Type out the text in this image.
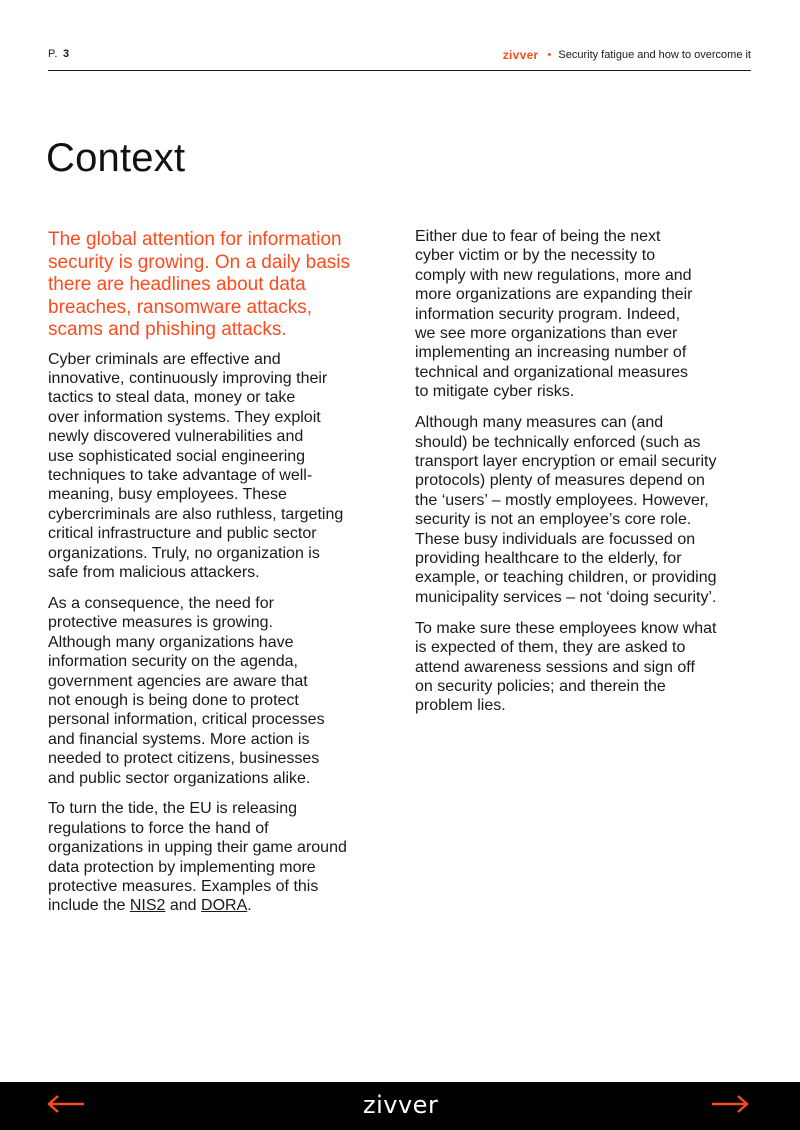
P. 3	zivver • Security fatigue and how to overcome it
Context

The global attention for information
security is growing. On a daily basis
there are headlines about data
breaches, ransomware attacks,
scams and phishing attacks.

Cyber criminals are effective and
innovative, continuously improving their
tactics to steal data, money or take
over information systems. They exploit
newly discovered vulnerabilities and
use sophisticated social engineering
techniques to take advantage of well-
meaning, busy employees. These
cybercriminals are also ruthless, targeting
critical infrastructure and public sector
organizations. Truly, no organization is
safe from malicious attackers.

As a consequence, the need for
protective measures is growing.
Although many organizations have
information security on the agenda,
government agencies are aware that
not enough is being done to protect
personal information, critical processes
and financial systems. More action is
needed to protect citizens, businesses
and public sector organizations alike.

To turn the tide, the EU is releasing
regulations to force the hand of
organizations in upping their game around
data protection by implementing more
protective measures. Examples of this
include the NIS2 and DORA.

Either due to fear of being the next
cyber victim or by the necessity to
comply with new regulations, more and
more organizations are expanding their
information security program. Indeed,
we see more organizations than ever
implementing an increasing number of
technical and organizational measures
to mitigate cyber risks.

Although many measures can (and
should) be technically enforced (such as
transport layer encryption or email security
protocols) plenty of measures depend on
the ‘users’ – mostly employees. However,
security is not an employee’s core role.
These busy individuals are focussed on
providing healthcare to the elderly, for
example, or teaching children, or providing
municipality services – not ‘doing security’.

To make sure these employees know what
is expected of them, they are asked to
attend awareness sessions and sign off
on security policies; and therein the
problem lies.

zivver
